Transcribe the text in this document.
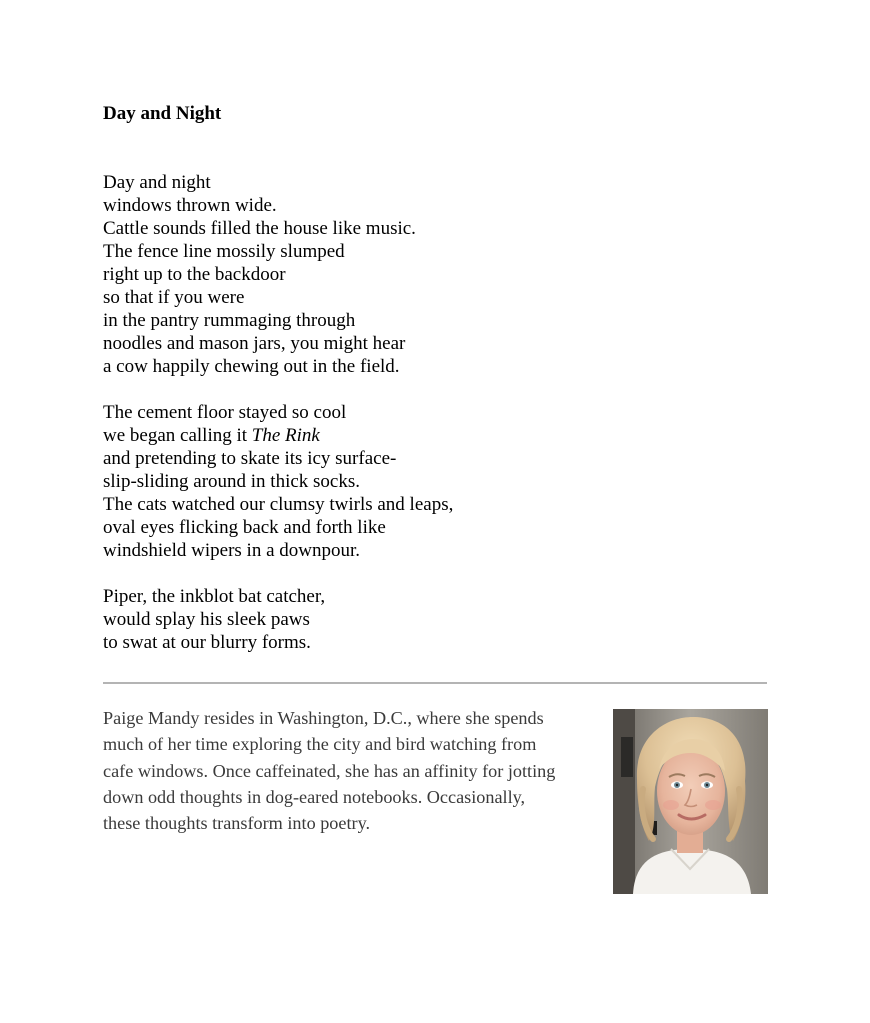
Day and Night
Day and night
windows thrown wide.
Cattle sounds filled the house like music.
The fence line mossily slumped
right up to the backdoor
so that if you were
in the pantry rummaging through
noodles and mason jars, you might hear
a cow happily chewing out in the field.
The cement floor stayed so cool
we began calling it The Rink
and pretending to skate its icy surface-
slip-sliding around in thick socks.
The cats watched our clumsy twirls and leaps,
oval eyes flicking back and forth like
windshield wipers in a downpour.
Piper, the inkblot bat catcher,
would splay his sleek paws
to swat at our blurry forms.

Paige Mandy resides in Washington, D.C., where she spends
much of her time exploring the city and bird watching from
cafe windows. Once caffeinated, she has an affinity for jotting
down odd thoughts in dog-eared notebooks. Occasionally,
these thoughts transform into poetry.
